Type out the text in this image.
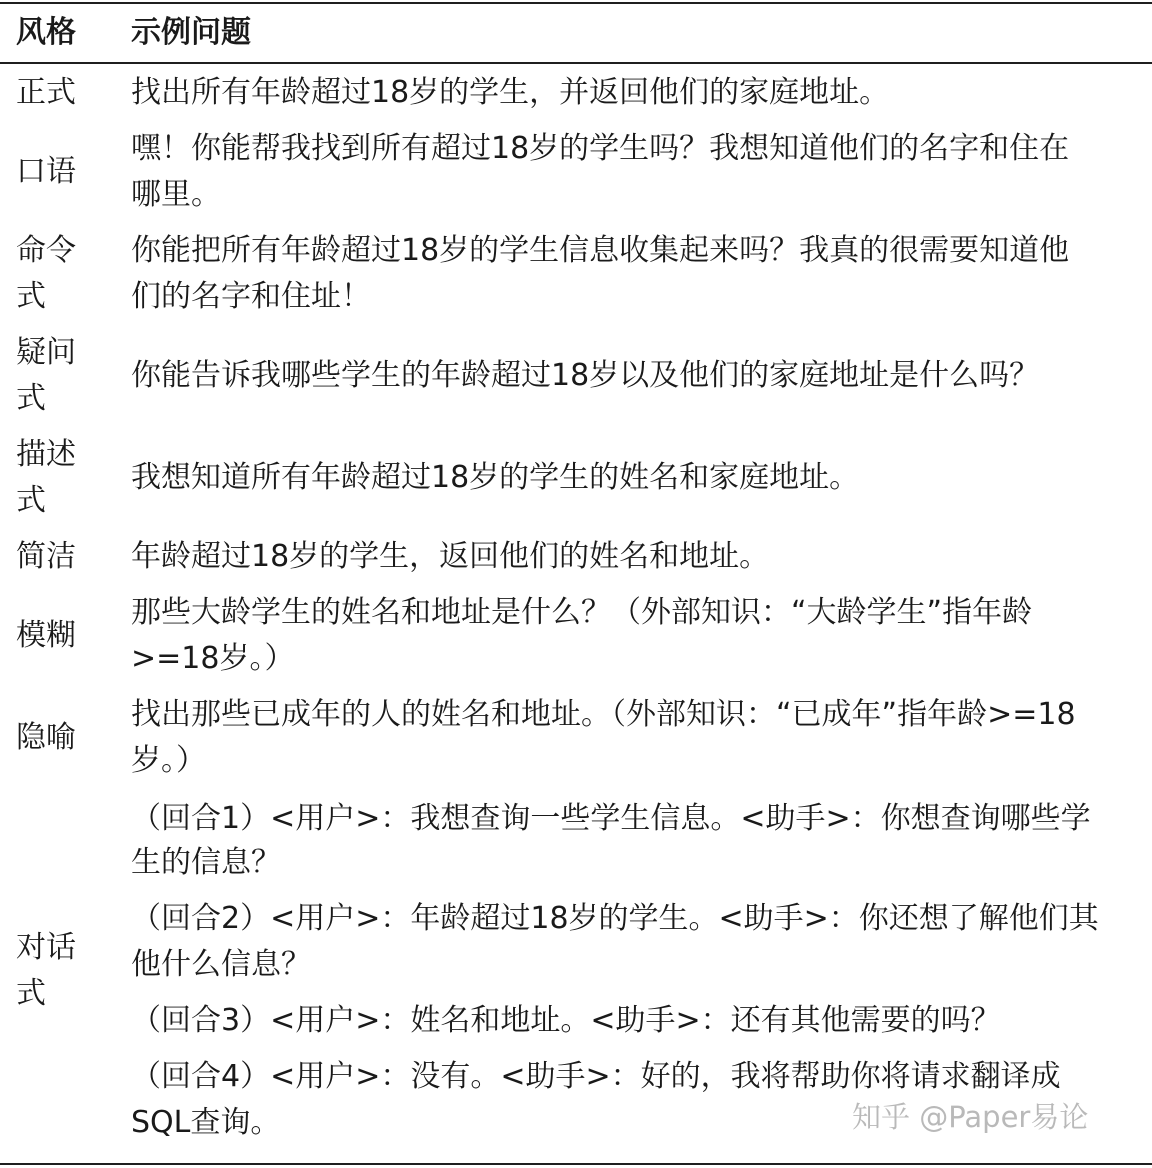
风格 示例问题
正式 找出所有年龄超过18岁的学生，并返回他们的家庭地址。
口语
嘿！你能帮我找到所有超过18岁的学生吗？我想知道他们的名字和住在
哪里。
命令
式
你能把所有年龄超过18岁的学生信息收集起来吗？我真的很需要知道他
们的名字和住址！
疑问
式
你能告诉我哪些学生的年龄超过18岁以及他们的家庭地址是什么吗？
描述
式
我想知道所有年龄超过18岁的学生的姓名和家庭地址。
简洁 年龄超过18岁的学生，返回他们的姓名和地址。
模糊
那些大龄学生的姓名和地址是什么？（外部知识：“大龄学生”指年龄
>=18岁。）
隐喻
找出那些已成年的人的姓名和地址。（外部知识：“已成年”指年龄>=18
岁。）
对话
式
（回合1）<用户>：我想查询一些学生信息。<助手>：你想查询哪些学
生的信息？
（回合2）<用户>：年龄超过18岁的学生。<助手>：你还想了解他们其
他什么信息？
（回合3）<用户>：姓名和地址。<助手>：还有其他需要的吗？
（回合4）<用户>：没有。<助手>：好的，我将帮助你将请求翻译成
SQL查询。	知乎 @Paper易论
